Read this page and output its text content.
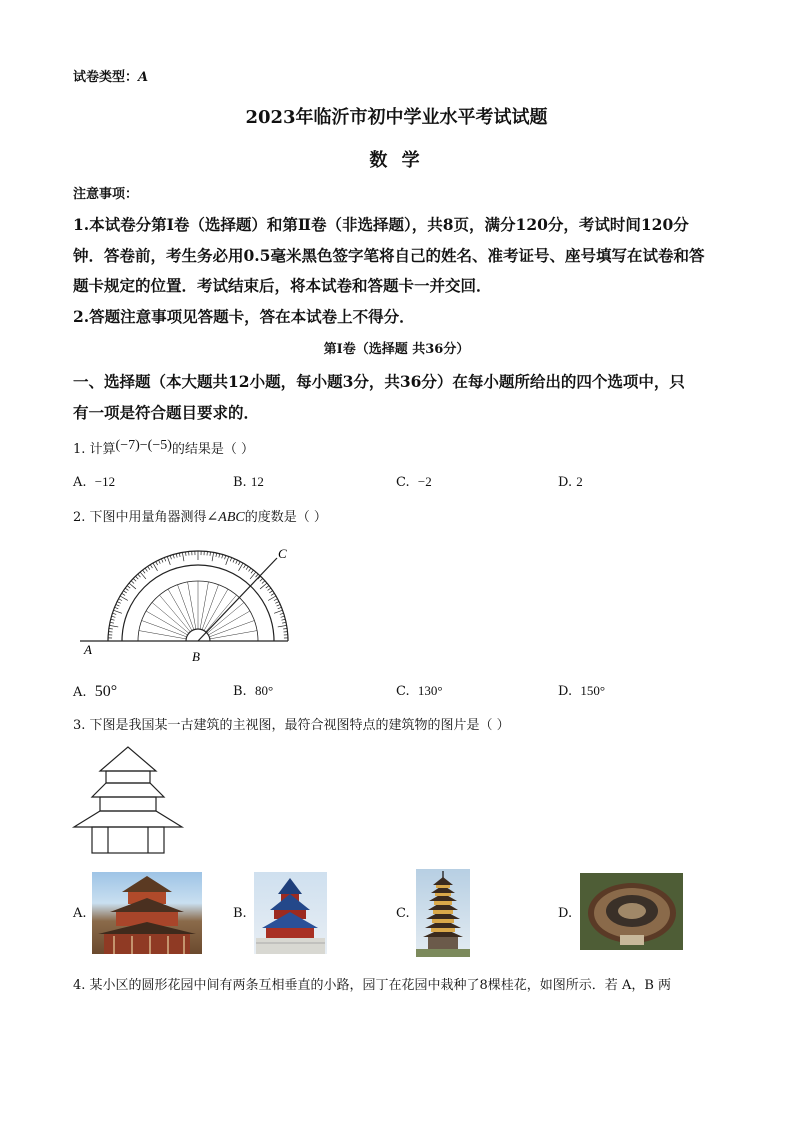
试卷类型：A
2023年临沂市初中学业水平考试试题
数 学
注意事项：
1.本试卷分第Ⅰ卷（选择题）和第Ⅱ卷（非选择题），共8页，满分120分，考试时间120分
钟．答卷前，考生务必用0.5毫米黑色签字笔将自己的姓名、准考证号、座号填写在试卷和答
题卡规定的位置．考试结束后，将本试卷和答题卡一并交回．
2.答题注意事项见答题卡，答在本试卷上不得分．
第Ⅰ卷（选择题 共36分）
一、选择题（本大题共12小题，每小题3分，共36分）在每小题所给出的四个选项中，只
有一项是符合题目要求的．
1. 计算(−7)−(−5)的结果是（ ）
A. −12	B. 12	C. −2	D. 2
2. 下图中用量角器测得∠ABC的度数是（ ）
A	B
C
A. 50°	B. 80°	C. 130°	D. 150°
3. 下图是我国某一古建筑的主视图，最符合视图特点的建筑物的图片是（ ）
A.	B.	C.	D.
4. 某小区的圆形花园中间有两条互相垂直的小路，园丁在花园中栽种了8棵桂花，如图所示．若 A，B 两
